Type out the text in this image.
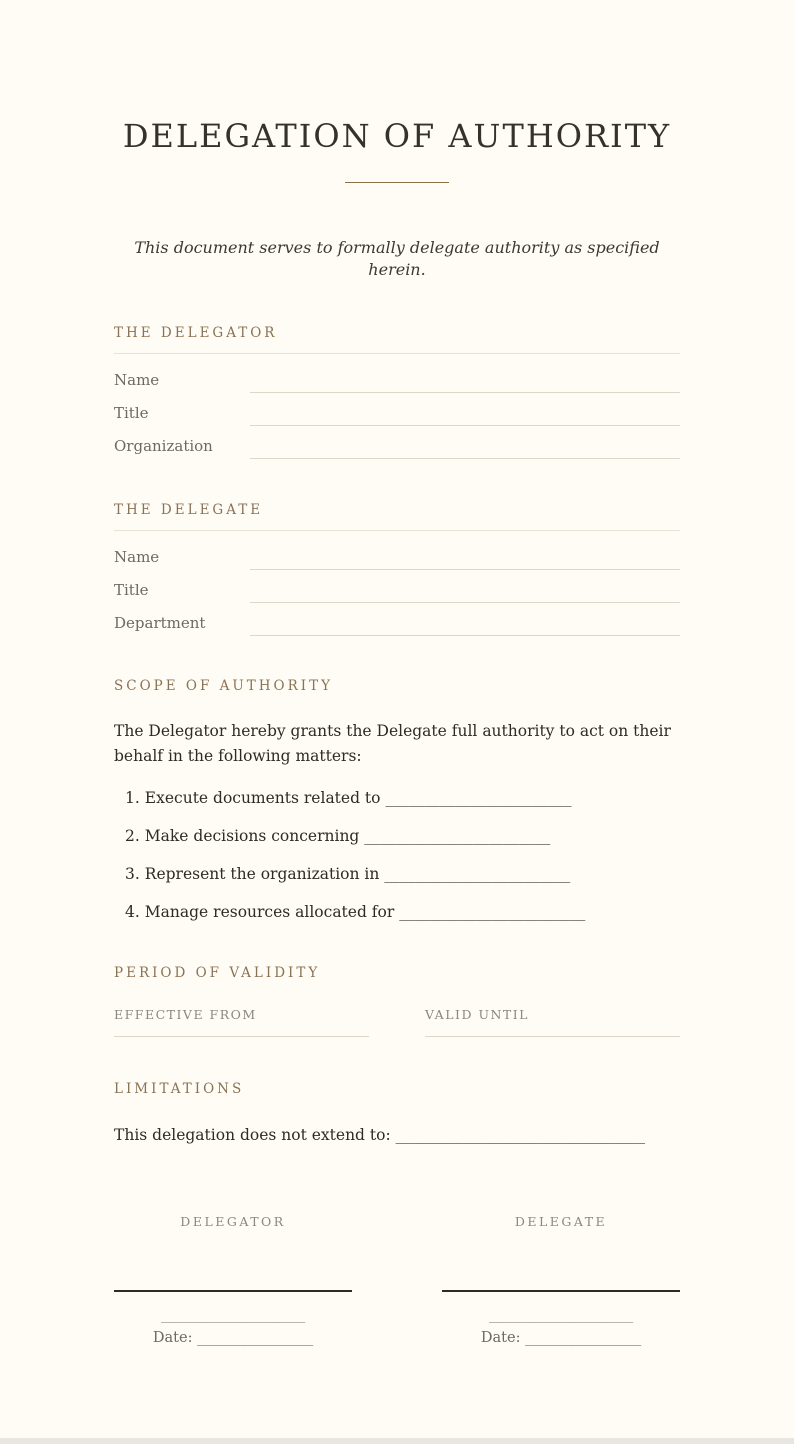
DELEGATION OF AUTHORITY
This document serves to formally delegate authority as specified herein.
THE DELEGATOR
Name
Title
Organization
THE DELEGATE
Name
Title
Department
SCOPE OF AUTHORITY

The Delegator hereby grants the Delegate full authority to act on their behalf in the following matters:

1. Execute documents related to ________________________
2. Make decisions concerning ________________________
3. Represent the organization in ________________________
4. Manage resources allocated for ________________________
PERIOD OF VALIDITY
EFFECTIVE FROM	VALID UNTIL
LIMITATIONS

This delegation does not extend to: _________________________________

DELEGATOR
____________________
Date: ________________
DELEGATE
____________________
Date: ________________
